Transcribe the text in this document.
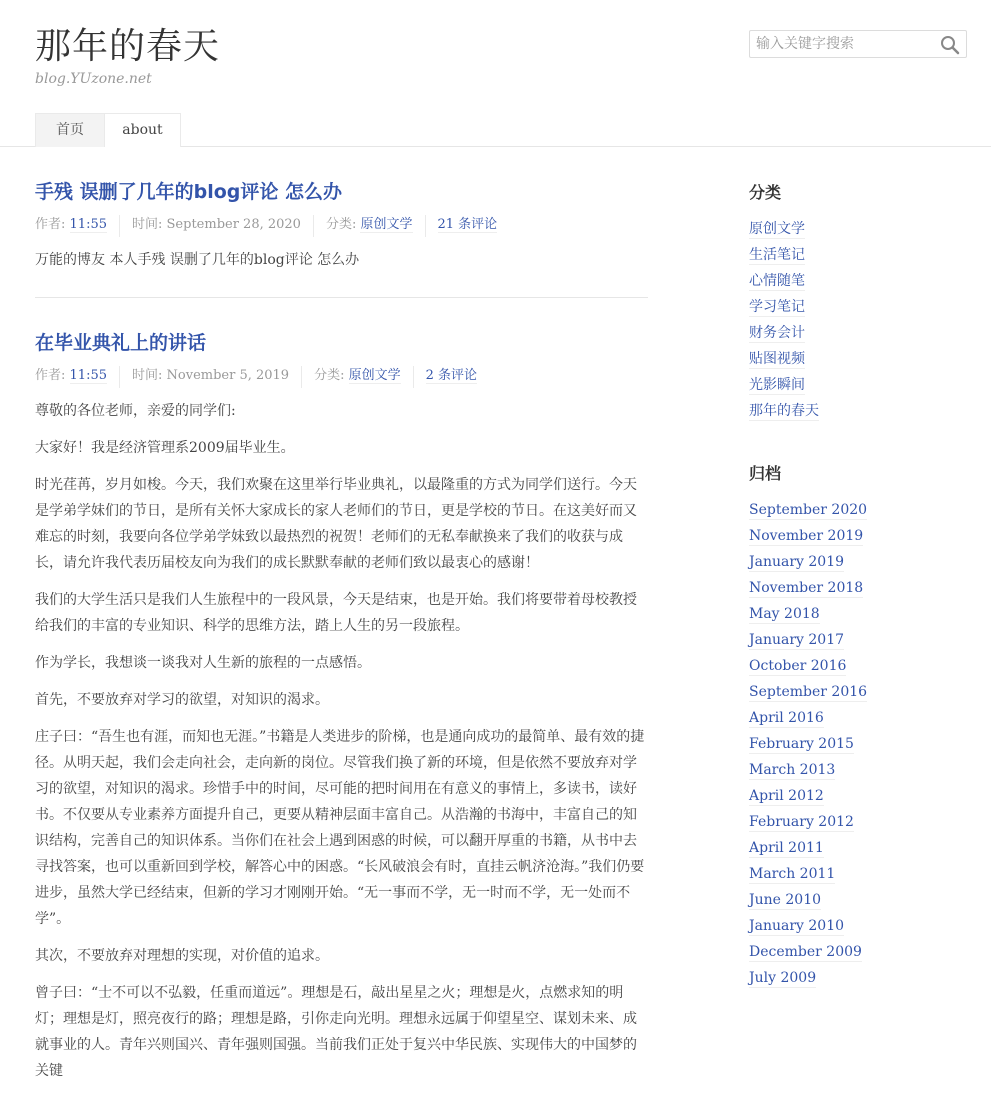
那年的春天
blog.YUzone.net
首页	about
输入关键字搜索
手残 误删了几年的blog评论 怎么办
作者: 11:55	时间: September 28, 2020	分类: 原创文学	21 条评论

万能的博友 本人手残 误删了几年的blog评论 怎么办

在毕业典礼上的讲话
作者: 11:55	时间: November 5, 2019	分类: 原创文学	2 条评论

尊敬的各位老师，亲爱的同学们:

大家好！我是经济管理系2009届毕业生。

时光荏苒，岁月如梭。今天，我们欢聚在这里举行毕业典礼，以最隆重的方式为同学们送行。今天是学弟学妹们的节日，是所有关怀大家成长的家人老师们的节日，更是学校的节日。在这美好而又难忘的时刻，我要向各位学弟学妹致以最热烈的祝贺！老师们的无私奉献换来了我们的收获与成长，请允许我代表历届校友向为我们的成长默默奉献的老师们致以最衷心的感谢！

我们的大学生活只是我们人生旅程中的一段风景，今天是结束，也是开始。我们将要带着母校教授给我们的丰富的专业知识、科学的思维方法，踏上人生的另一段旅程。

作为学长，我想谈一谈我对人生新的旅程的一点感悟。

首先，不要放弃对学习的欲望，对知识的渴求。

庄子曰：“吾生也有涯，而知也无涯。”书籍是人类进步的阶梯，也是通向成功的最简单、最有效的捷径。从明天起，我们会走向社会，走向新的岗位。尽管我们换了新的环境，但是依然不要放弃对学习的欲望，对知识的渴求。珍惜手中的时间，尽可能的把时间用在有意义的事情上，多读书，读好书。不仅要从专业素养方面提升自己，更要从精神层面丰富自己。从浩瀚的书海中，丰富自己的知识结构，完善自己的知识体系。当你们在社会上遇到困惑的时候，可以翻开厚重的书籍，从书中去寻找答案，也可以重新回到学校，解答心中的困惑。“长风破浪会有时，直挂云帆济沧海。”我们仍要进步，虽然大学已经结束，但新的学习才刚刚开始。“无一事而不学，无一时而不学，无一处而不学”。

其次，不要放弃对理想的实现，对价值的追求。

曾子曰：“士不可以不弘毅，任重而道远”。理想是石，敲出星星之火；理想是火，点燃求知的明灯；理想是灯，照亮夜行的路；理想是路，引你走向光明。理想永远属于仰望星空、谋划未来、成就事业的人。青年兴则国兴、青年强则国强。当前我们正处于复兴中华民族、实现伟大的中国梦的关键

分类
原创文学
生活笔记
心情随笔
学习笔记
财务会计
贴图视频
光影瞬间
那年的春天
归档
September 2020
November 2019
January 2019
November 2018
May 2018
January 2017
October 2016
September 2016
April 2016
February 2015
March 2013
April 2012
February 2012
April 2011
March 2011
June 2010
January 2010
December 2009
July 2009
